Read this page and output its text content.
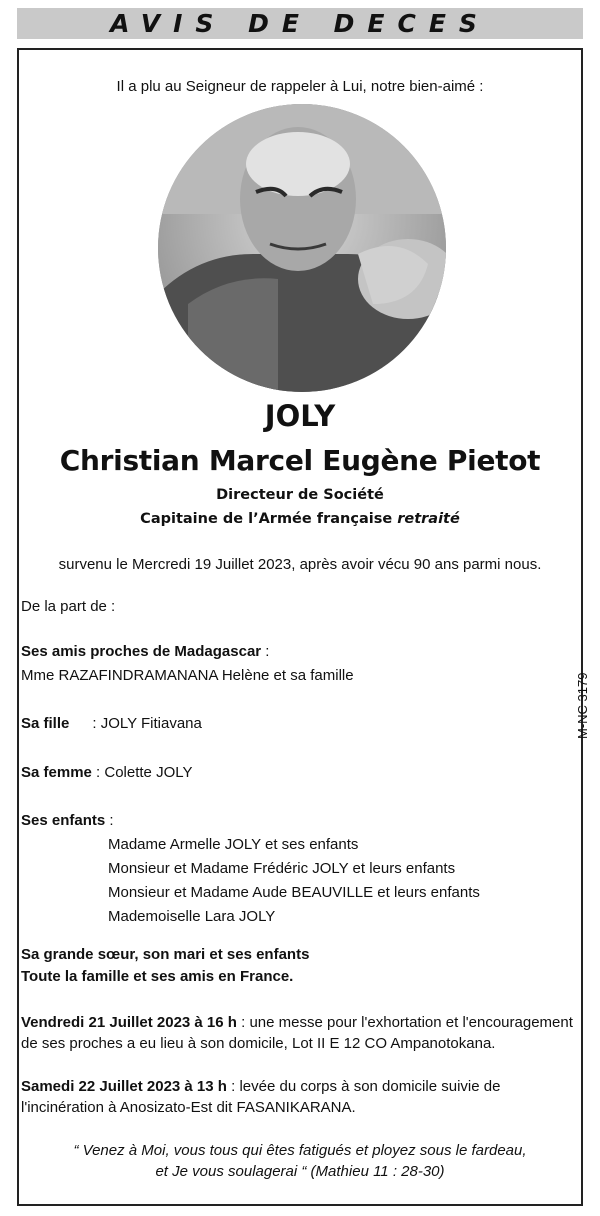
AVIS DE DECES
Il a plu au Seigneur de rappeler à Lui, notre bien-aimé :
JOLY
Christian Marcel Eugène Pietot
Directeur de Société
Capitaine de l’Armée française retraité
survenu le Mercredi 19 Juillet 2023, après avoir vécu 90 ans parmi nous.
De la part de :
Ses amis proches de Madagascar :
Mme RAZAFINDRAMANANA Helène et sa famille
Sa fille : JOLY Fitiavana
Sa femme : Colette JOLY
Ses enfants :
Madame Armelle JOLY et ses enfants
Monsieur et Madame Frédéric JOLY et leurs enfants
Monsieur et Madame Aude BEAUVILLE et leurs enfants
Mademoiselle Lara JOLY
Sa grande sœur, son mari et ses enfants
Toute la famille et ses amis en France.
Vendredi 21 Juillet 2023 à 16 h : une messe pour l'exhortation et l'encouragement de ses proches a eu lieu à son domicile, Lot II E 12 CO Ampanotokana.
Samedi 22 Juillet 2023 à 13 h : levée du corps à son domicile suivie de l'incinération à Anosizato-Est dit FASANIKARANA.
“ Venez à Moi, vous tous qui êtes fatigués et ployez sous le fardeau,
et Je vous soulagerai “ (Mathieu 11 : 28-30)
M-NC 3179
